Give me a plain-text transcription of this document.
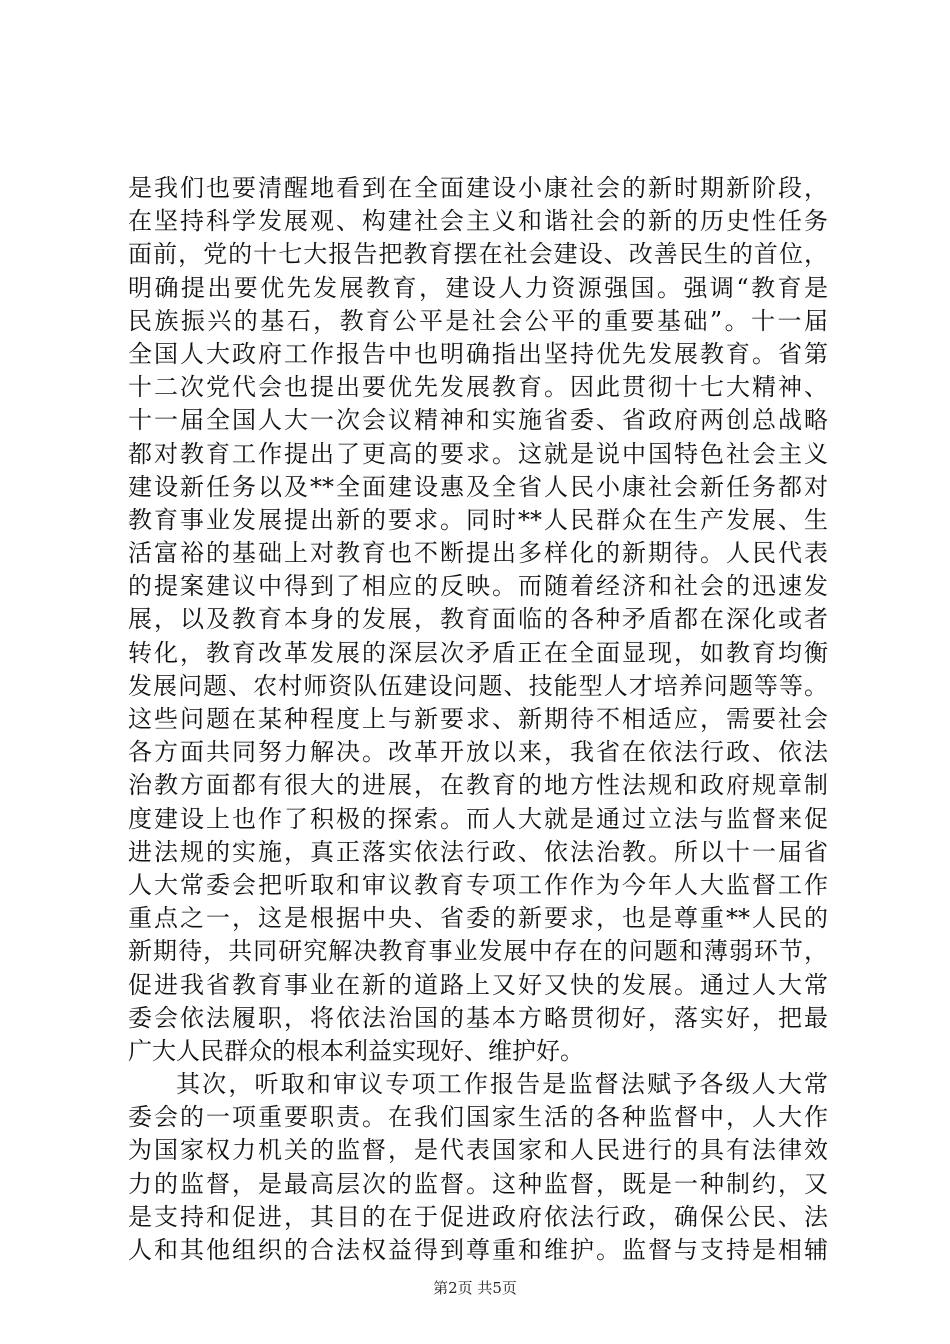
是我们也要清醒地看到在全面建设小康社会的新时期新阶段，
在坚持科学发展观、构建社会主义和谐社会的新的历史性任务
面前，党的十七大报告把教育摆在社会建设、改善民生的首位，
明确提出要优先发展教育，建设人力资源强国。强调“教育是
民族振兴的基石，教育公平是社会公平的重要基础”。十一届
全国人大政府工作报告中也明确指出坚持优先发展教育。省第
十二次党代会也提出要优先发展教育。因此贯彻十七大精神、
十一届全国人大一次会议精神和实施省委、省政府两创总战略
都对教育工作提出了更高的要求。这就是说中国特色社会主义
建设新任务以及**全面建设惠及全省人民小康社会新任务都对
教育事业发展提出新的要求。同时**人民群众在生产发展、生
活富裕的基础上对教育也不断提出多样化的新期待。人民代表
的提案建议中得到了相应的反映。而随着经济和社会的迅速发
展，以及教育本身的发展，教育面临的各种矛盾都在深化或者
转化，教育改革发展的深层次矛盾正在全面显现，如教育均衡
发展问题、农村师资队伍建设问题、技能型人才培养问题等等。
这些问题在某种程度上与新要求、新期待不相适应，需要社会
各方面共同努力解决。改革开放以来，我省在依法行政、依法
治教方面都有很大的进展，在教育的地方性法规和政府规章制
度建设上也作了积极的探索。而人大就是通过立法与监督来促
进法规的实施，真正落实依法行政、依法治教。所以十一届省
人大常委会把听取和审议教育专项工作作为今年人大监督工作
重点之一，这是根据中央、省委的新要求，也是尊重**人民的
新期待，共同研究解决教育事业发展中存在的问题和薄弱环节，
促进我省教育事业在新的道路上又好又快的发展。通过人大常
委会依法履职，将依法治国的基本方略贯彻好，落实好，把最
广大人民群众的根本利益实现好、维护好。
其次，听取和审议专项工作报告是监督法赋予各级人大常
委会的一项重要职责。在我们国家生活的各种监督中，人大作
为国家权力机关的监督，是代表国家和人民进行的具有法律效
力的监督，是最高层次的监督。这种监督，既是一种制约，又
是支持和促进，其目的在于促进政府依法行政，确保公民、法
人和其他组织的合法权益得到尊重和维护。监督与支持是相辅
第2页 共5页
